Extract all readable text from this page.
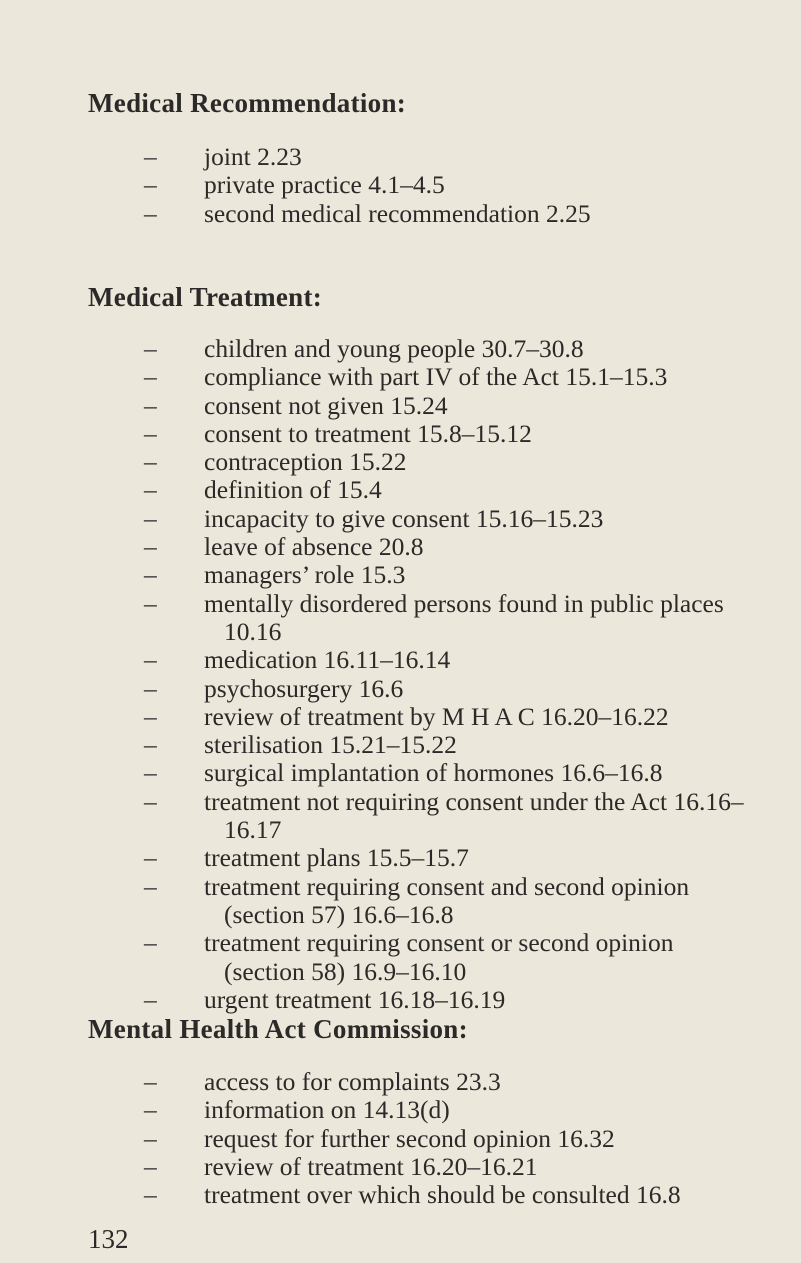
Medical Recommendation:
– joint 2.23
– private practice 4.1–4.5
– second medical recommendation 2.25
Medical Treatment:
– children and young people 30.7–30.8
– compliance with part IV of the Act 15.1–15.3
– consent not given 15.24
– consent to treatment 15.8–15.12
– contraception 15.22
– definition of 15.4
– incapacity to give consent 15.16–15.23
– leave of absence 20.8
– managers’ role 15.3
– mentally disordered persons found in public places 10.16
– medication 16.11–16.14
– psychosurgery 16.6
– review of treatment by M H A C 16.20–16.22
– sterilisation 15.21–15.22
– surgical implantation of hormones 16.6–16.8
– treatment not requiring consent under the Act 16.16–16.17
– treatment plans 15.5–15.7
– treatment requiring consent and second opinion (section 57) 16.6–16.8
– treatment requiring consent or second opinion (section 58) 16.9–16.10
– urgent treatment 16.18–16.19
Mental Health Act Commission:
– access to for complaints 23.3
– information on 14.13(d)
– request for further second opinion 16.32
– review of treatment 16.20–16.21
– treatment over which should be consulted 16.8
132
